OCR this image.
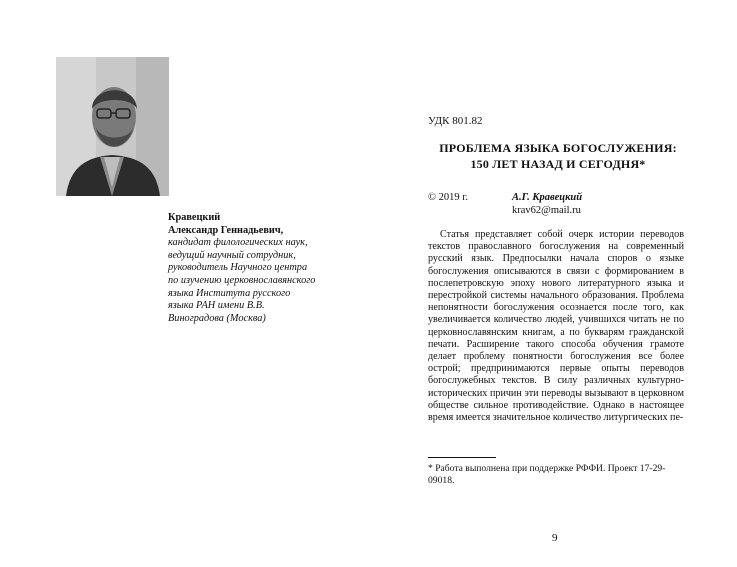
Кравецкий
Александр Геннадьевич,
кандидат филологических наук, ведущий научный сотрудник, руководитель Научного центра по изучению церковнославянского языка Института русского языка РАН имени В.В. Виноградова (Москва)
УДК 801.82
ПРОБЛЕМА ЯЗЫКА БОГОСЛУЖЕНИЯ:
150 ЛЕТ НАЗАД И СЕГОДНЯ*
© 2019 г.	А.Г. Кравецкий
krav62@mail.ru

Статья представляет собой очерк истории переводов текстов православного богослужения на современный русский язык. Предпосылки начала споров о языке богослужения описываются в связи с формированием в послепетровскую эпоху нового литературного языка и перестройкой системы начального образования. Проблема непонятности богослужения осознается после того, как увеличивается количество людей, учившихся читать не по церковнославянским книгам, а по букварям гражданской печати. Расширение такого способа обучения грамоте делает проблему понятности богослужения все более острой; предпринимаются первые опыты переводов богослужебных текстов. В силу различных культурно-исторических причин эти переводы вызывают в церковном обществе сильное противодействие. Однако в настоящее время имеется значительное количество литургических пе-

* Работа выполнена при поддержке РФФИ. Проект 17-29-09018.
9
